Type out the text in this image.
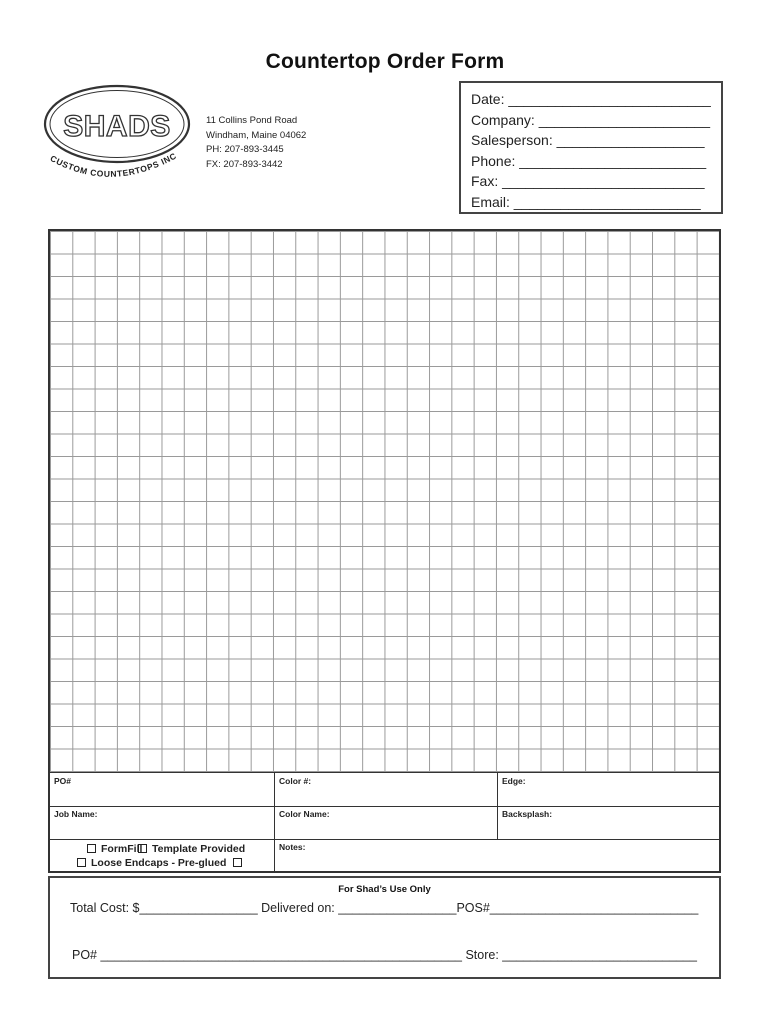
Countertop Order Form
SHADS
CUSTOM COUNTERTOPS INC
11 Collins Pond Road
Windham, Maine 04062
PH: 207-893-3445
FX: 207-893-3442
Date: __________________________
Company: ______________________
Salesperson: ___________________
Phone: ________________________
Fax: __________________________
Email: ________________________
PO#	Color #:	Edge:
Job Name:	Color Name:	Backsplash:
Notes:
FormFill Template Provided
Loose Endcaps - Pre-glued
For Shad’s Use Only
Total Cost: $_________________ Delivered on: _________________POS#______________________________
PO# ____________________________________________________ Store: ____________________________
